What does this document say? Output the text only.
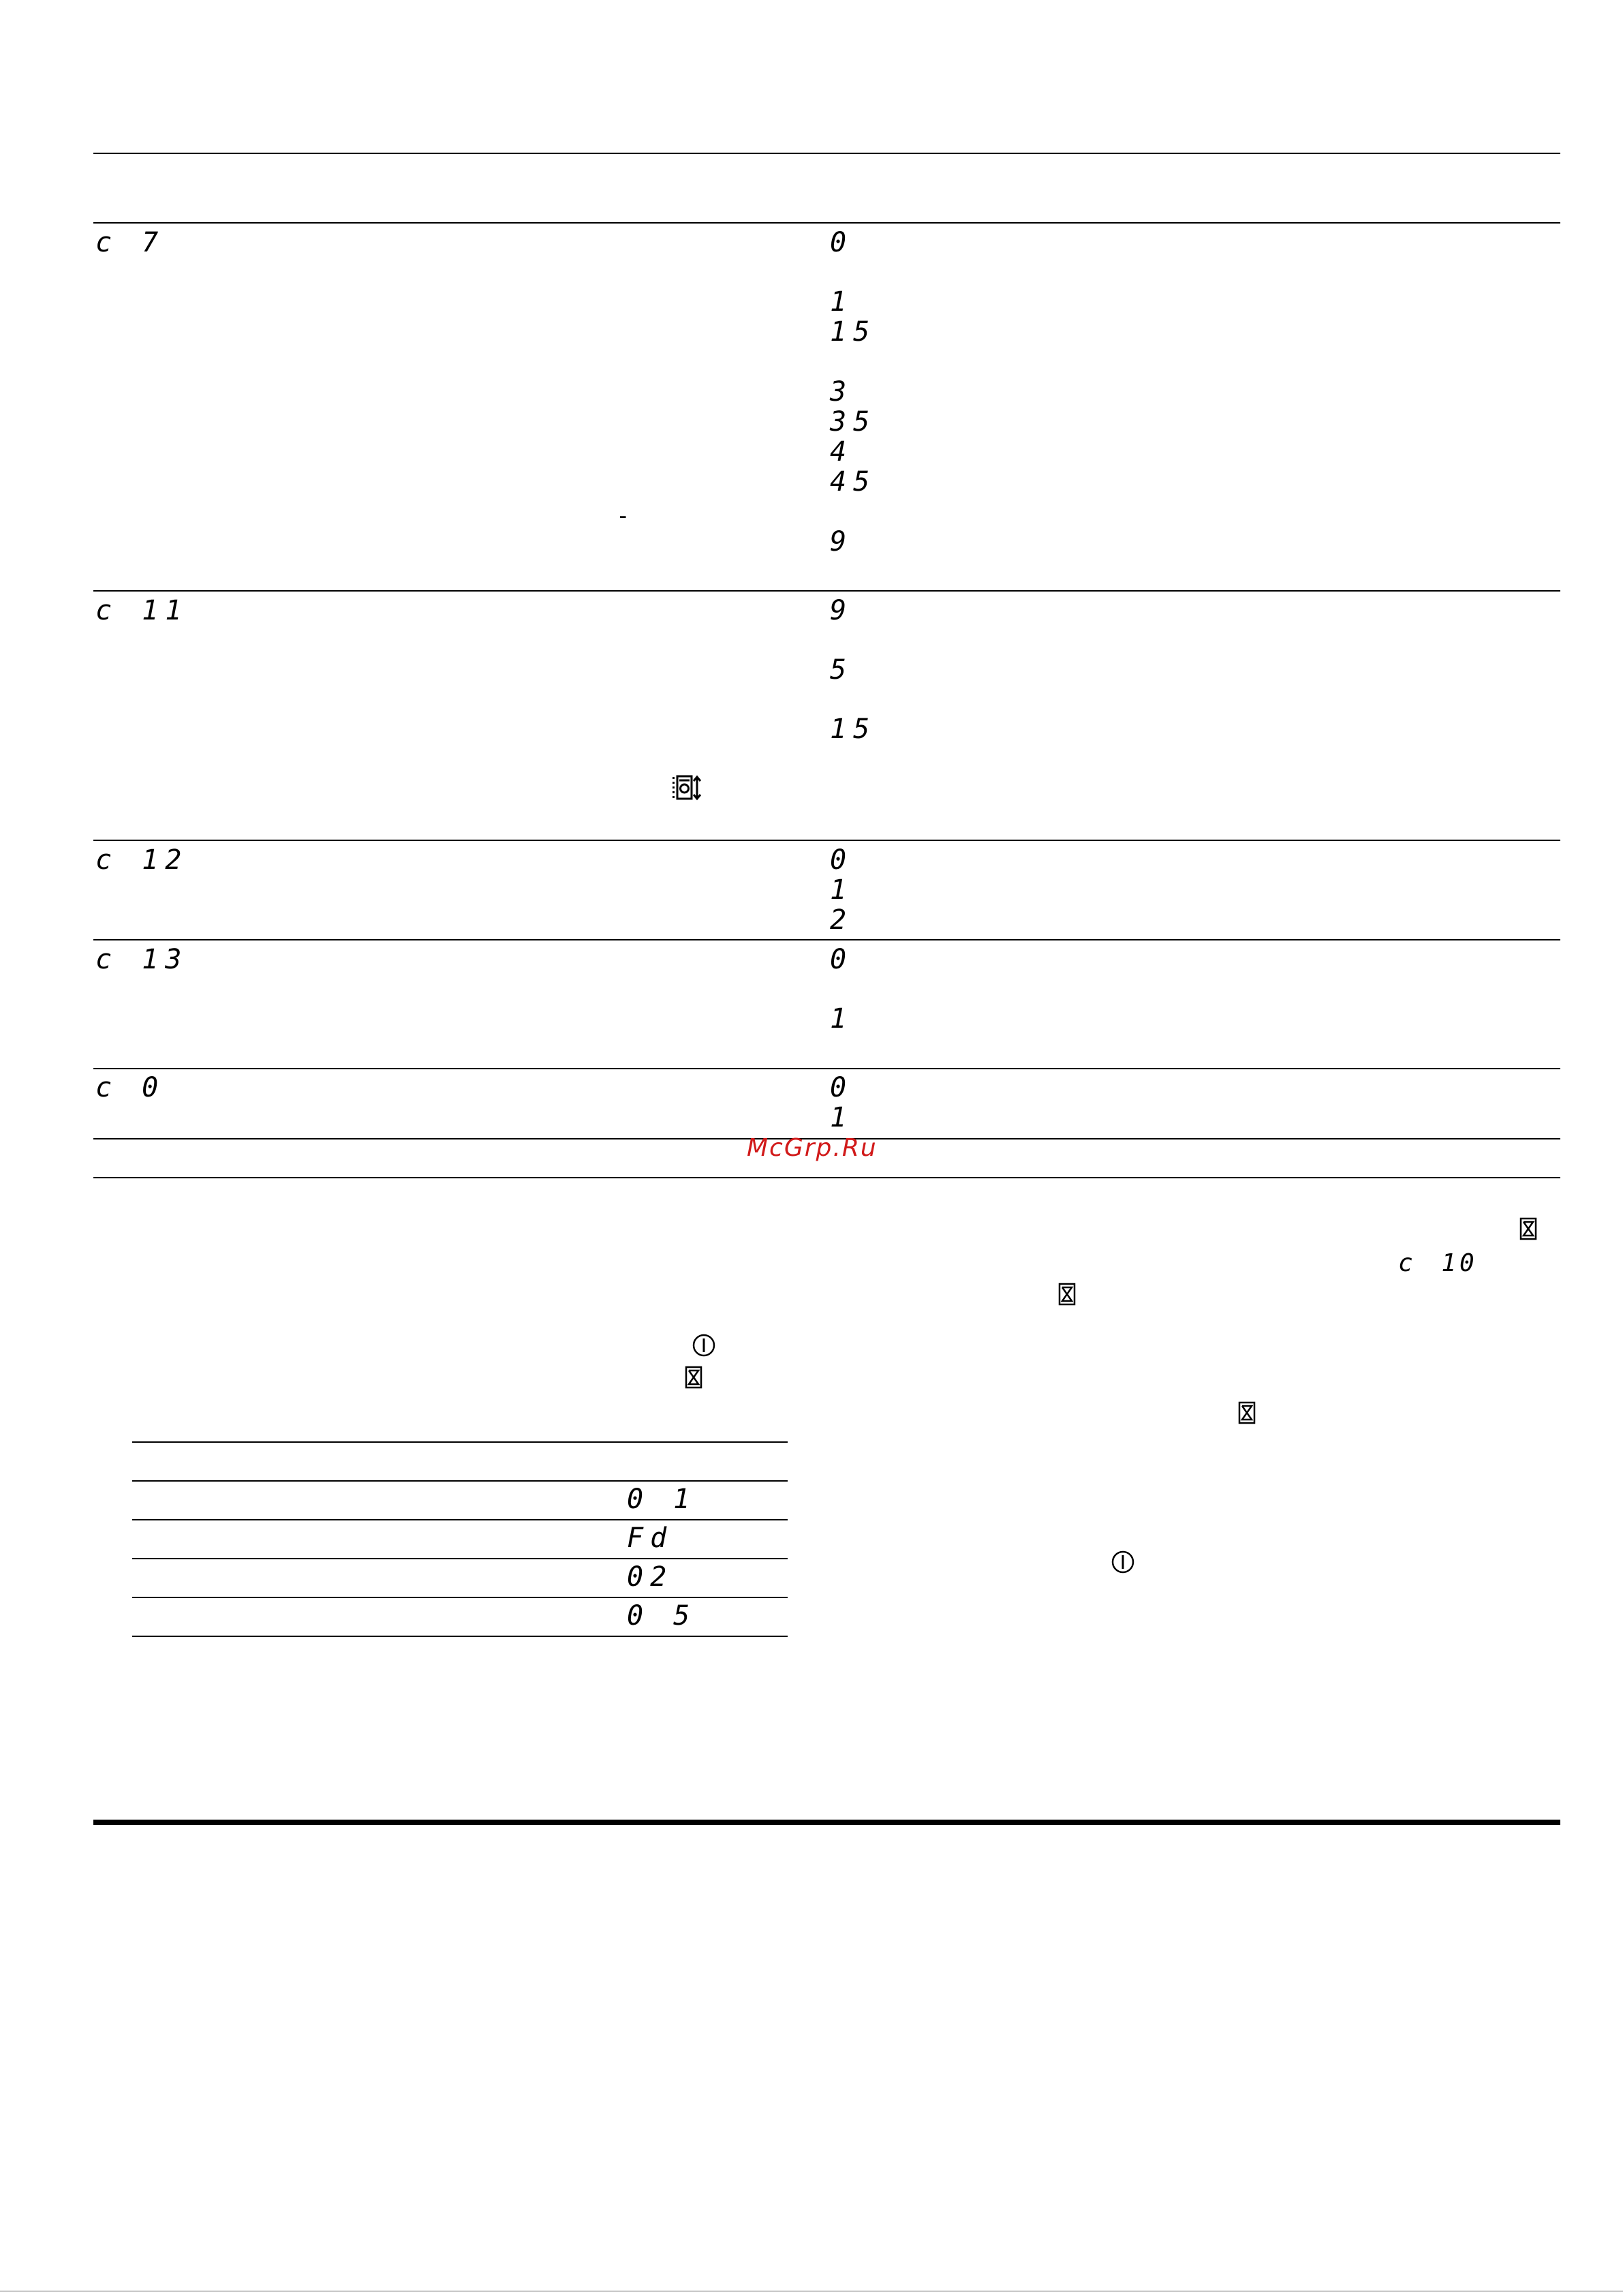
c 7	0
1
15
3
35
4
45
9
-
c 11	9
5
15
c 12	0
1
2
c 13	0
1
c 0	0
1
McGrp.Ru
c 1
0
0 1
Fd
02
0 5
